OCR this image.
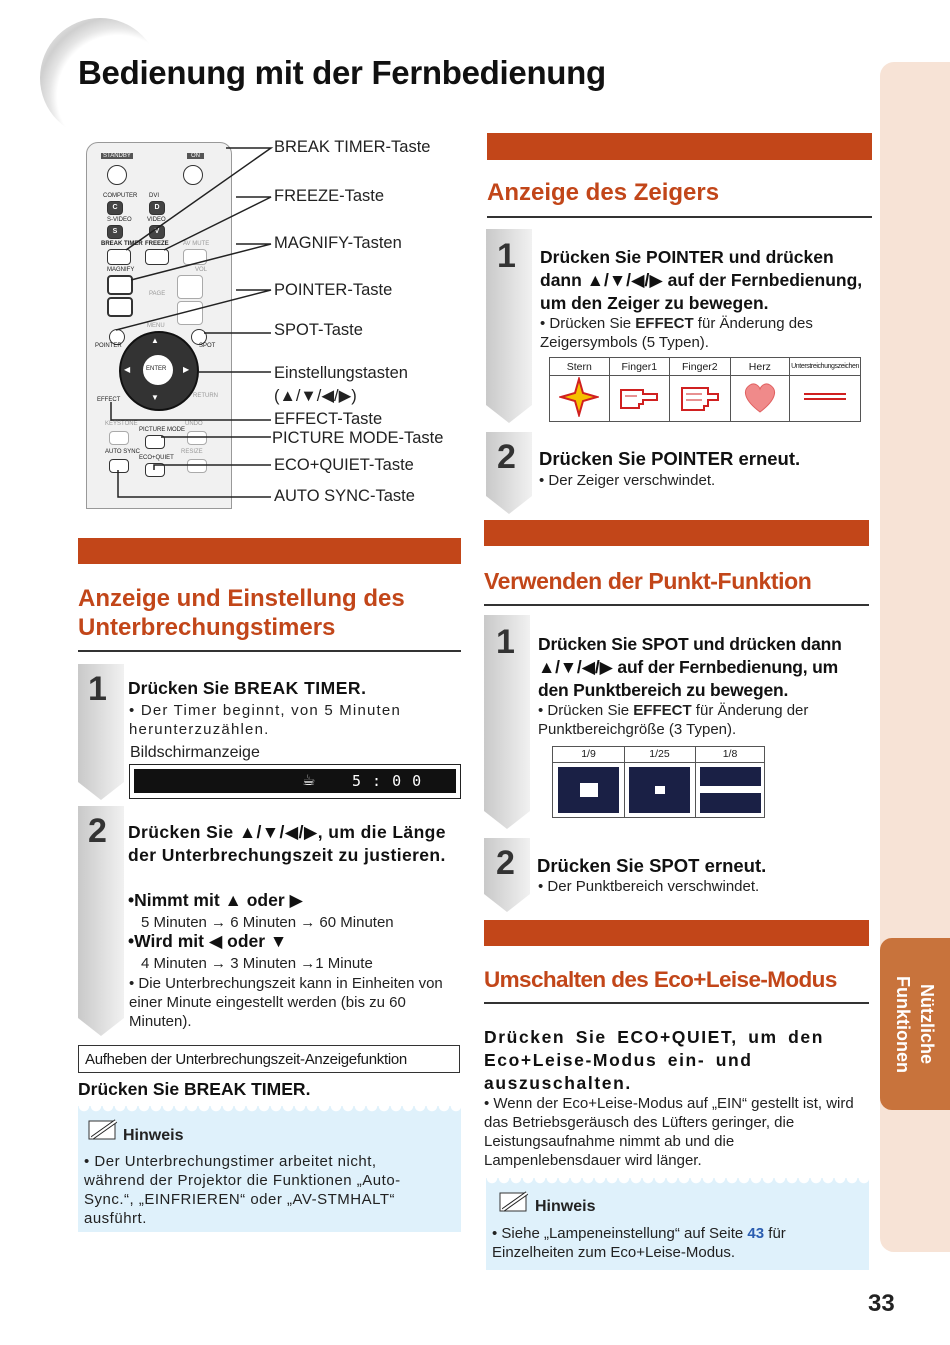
Bedienung mit der Fernbedienung
Nützliche Funktionen
STANDBY	ON
COMPUTER DVI
C	D
S-VIDEO	VIDEO
S	V
BREAK TIMER FREEZE AV MUTE
MAGNIFY	VOL
PAGE
MENU
POINTER	SPOT
ENTER
▲
▼
◀	▶
EFFECT
RETURN
KEYSTONE
PICTURE MODE
UNDO
AUTO SYNC	RESIZE
ECO+QUIET
BREAK TIMER-Taste
FREEZE-Taste
MAGNIFY-Tasten
POINTER-Taste
SPOT-Taste
Einstellungstasten
(▲/▼/◀/▶)
EFFECT-Taste
PICTURE MODE-Taste
ECO+QUIET-Taste
AUTO SYNC-Taste
Anzeige und Einstellung des
Unterbrechungstimers
1 Drücken Sie BREAK TIMER.
• Der Timer beginnt, von 5 Minuten herunterzuzählen.
Bildschirmanzeige
☕ 5 : 0 0
2 Drücken Sie ▲/▼/◀/▶, um die Länge der Unterbrechungszeit zu justieren.
•Nimmt mit ▲ oder ▶
5 Minuten → 6 Minuten → 60 Minuten
•Wird mit ◀ oder ▼
4 Minuten → 3 Minuten →1 Minute
• Die Unterbrechungszeit kann in Einheiten von einer Minute eingestellt werden (bis zu 60 Minuten).
Aufheben der Unterbrechungszeit-Anzeigefunktion
Drücken Sie BREAK TIMER.
Hinweis
• Der Unterbrechungstimer arbeitet nicht, während der Projektor die Funktionen „Auto-Sync.“, „EINFRIEREN“ oder „AV-STMHALT“ ausführt.
Anzeige des Zeigers
1 Drücken Sie POINTER und drücken dann ▲/▼/◀/▶ auf der Fernbedienung, um den Zeiger zu bewegen.
• Drücken Sie EFFECT für Änderung des Zeigersymbols (5 Typen).
Stern	Finger1	Finger2	Herz	Unterstreichungszeichen

2 Drücken Sie POINTER erneut.
• Der Zeiger verschwindet.
Verwenden der Punkt-Funktion
1 Drücken Sie SPOT und drücken dann ▲/▼/◀/▶ auf der Fernbedienung, um den Punktbereich zu bewegen.
• Drücken Sie EFFECT für Änderung der Punktbereichgröße (3 Typen).
1/9	1/25	1/8
2 Drücken Sie SPOT erneut.
• Der Punktbereich verschwindet.
Umschalten des Eco+Leise-Modus
Drücken Sie ECO+QUIET, um den Eco+Leise-Modus ein- und auszuschalten.
• Wenn der Eco+Leise-Modus auf „EIN“ gestellt ist, wird das Betriebsgeräusch des Lüfters geringer, die Leistungsaufnahme nimmt ab und die Lampenlebensdauer wird länger.
Hinweis
• Siehe „Lampeneinstellung“ auf Seite 43 für Einzelheiten zum Eco+Leise-Modus.
33
